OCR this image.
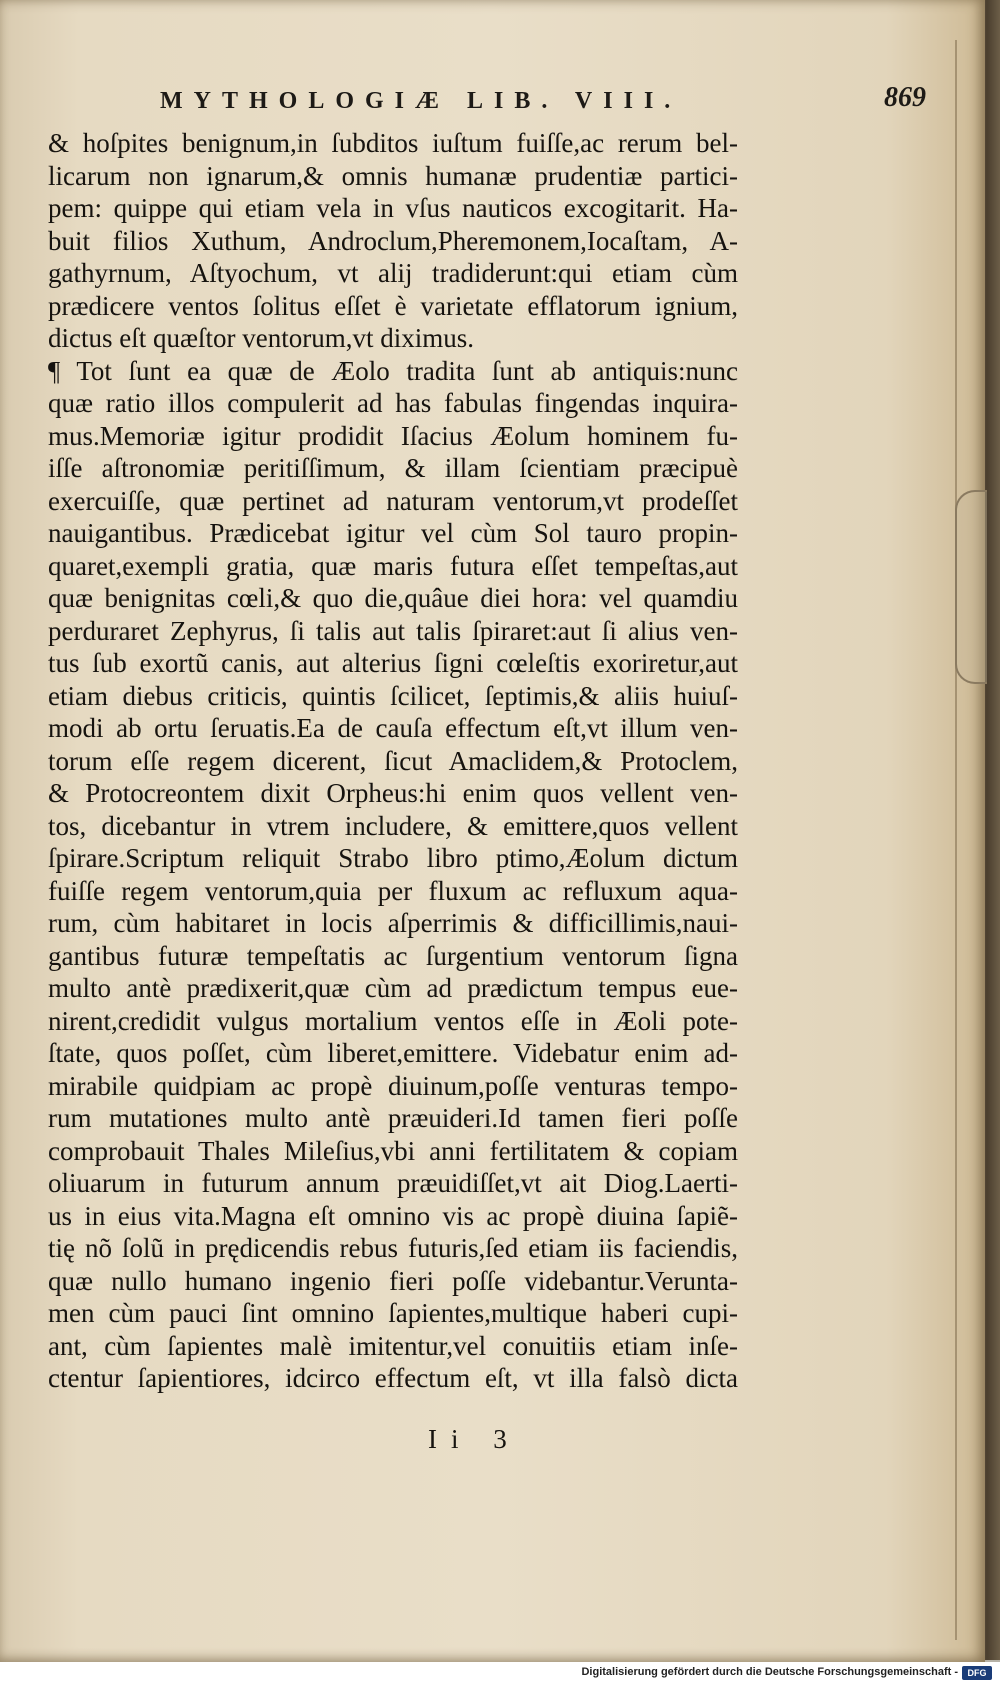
MYTHOLOGIÆ LIB. VIII.	869
& hoſpites benignum,in ſubditos iuſtum fuiſſe,ac rerum bel-
licarum non ignarum,& omnis humanæ prudentiæ partici-
pem: quippe qui etiam vela in vſus nauticos excogitarit. Ha-
buit filios Xuthum, Androclum,Pheremonem,Iocaſtam, A-
gathyrnum, Aſtyochum, vt alij tradiderunt:qui etiam cùm
prædicere ventos ſolitus eſſet è varietate efflatorum ignium,
dictus eſt quæſtor ventorum,vt diximus.
¶ Tot ſunt ea quæ de Æolo tradita ſunt ab antiquis:nunc
quæ ratio illos compulerit ad has fabulas fingendas inquira-
mus.Memoriæ igitur prodidit Iſacius Æolum hominem fu-
iſſe aſtronomiæ peritiſſimum, & illam ſcientiam præcipuè
exercuiſſe, quæ pertinet ad naturam ventorum,vt prodeſſet
nauigantibus. Prædicebat igitur vel cùm Sol tauro propin-
quaret,exempli gratia, quæ maris futura eſſet tempeſtas,aut
quæ benignitas cœli,& quo die,quâue diei hora: vel quamdiu
perduraret Zephyrus, ſi talis aut talis ſpiraret:aut ſi alius ven-
tus ſub exortũ canis, aut alterius ſigni cœleſtis exoriretur,aut
etiam diebus criticis, quintis ſcilicet, ſeptimis,& aliis huiuſ-
modi ab ortu ſeruatis.Ea de cauſa effectum eſt,vt illum ven-
torum eſſe regem dicerent, ſicut Amaclidem,& Protoclem,
& Protocreontem dixit Orpheus:hi enim quos vellent ven-
tos, dicebantur in vtrem includere, & emittere,quos vellent
ſpirare.Scriptum reliquit Strabo libro ptimo,Æolum dictum
fuiſſe regem ventorum,quia per fluxum ac refluxum aqua-
rum, cùm habitaret in locis aſperrimis & difficillimis,naui-
gantibus futuræ tempeſtatis ac ſurgentium ventorum ſigna
multo antè prædixerit,quæ cùm ad prædictum tempus eue-
nirent,credidit vulgus mortalium ventos eſſe in Æoli pote-
ſtate, quos poſſet, cùm liberet,emittere. Videbatur enim ad-
mirabile quidpiam ac propè diuinum,poſſe venturas tempo-
rum mutationes multo antè præuideri.Id tamen fieri poſſe
comprobauit Thales Mileſius,vbi anni fertilitatem & copiam
oliuarum in futurum annum præuidiſſet,vt ait Diog.Laerti-
us in eius vita.Magna eſt omnino vis ac propè diuina ſapiẽ-
tię nõ ſolũ in prędicendis rebus futuris,ſed etiam iis faciendis,
quæ nullo humano ingenio fieri poſſe videbantur.Verunta-
men cùm pauci ſint omnino ſapientes,multique haberi cupi-
ant, cùm ſapientes malè imitentur,vel conuitiis etiam inſe-
ctentur ſapientiores, idcirco effectum eſt, vt illa falsò dicta
Ii 3
Digitalisierung gefördert durch die Deutsche Forschungsgemeinschaft -	DFG
